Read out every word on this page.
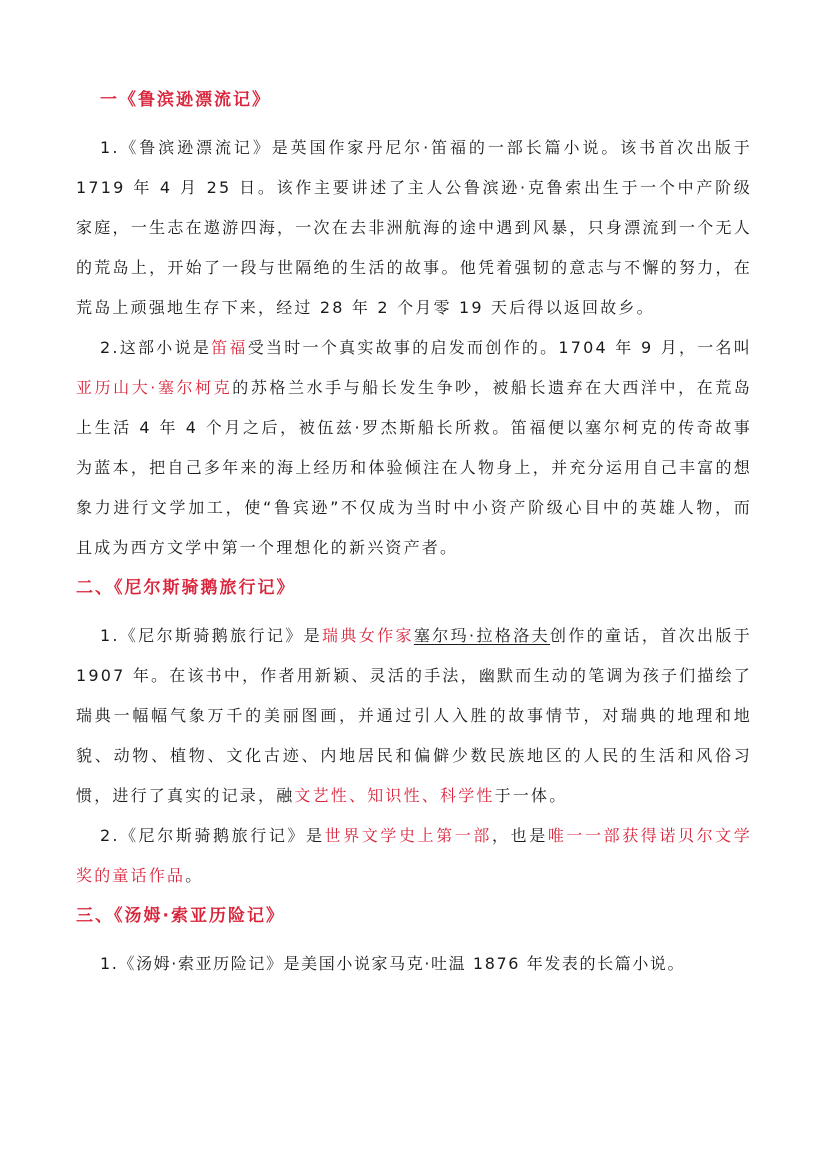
一《鲁滨逊漂流记》

1.《鲁滨逊漂流记》是英国作家丹尼尔·笛福的一部长篇小说。该书首次出版于 1719 年 4 月 25 日。该作主要讲述了主人公鲁滨逊·克鲁索出生于一个中产阶级家庭，一生志在遨游四海，一次在去非洲航海的途中遇到风暴，只身漂流到一个无人的荒岛上，开始了一段与世隔绝的生活的故事。他凭着强韧的意志与不懈的努力，在荒岛上顽强地生存下来，经过 28 年 2 个月零 19 天后得以返回故乡。

2.这部小说是笛福受当时一个真实故事的启发而创作的。1704 年 9 月，一名叫亚历山大·塞尔柯克的苏格兰水手与船长发生争吵，被船长遗弃在大西洋中，在荒岛上生活 4 年 4 个月之后，被伍兹·罗杰斯船长所救。笛福便以塞尔柯克的传奇故事为蓝本，把自己多年来的海上经历和体验倾注在人物身上，并充分运用自己丰富的想象力进行文学加工，使“鲁宾逊”不仅成为当时中小资产阶级心目中的英雄人物，而且成为西方文学中第一个理想化的新兴资产者。

二、《尼尔斯骑鹅旅行记》

1.《尼尔斯骑鹅旅行记》是瑞典女作家塞尔玛·拉格洛夫创作的童话，首次出版于 1907 年。在该书中，作者用新颖、灵活的手法，幽默而生动的笔调为孩子们描绘了瑞典一幅幅气象万千的美丽图画，并通过引人入胜的故事情节，对瑞典的地理和地貌、动物、植物、文化古迹、内地居民和偏僻少数民族地区的人民的生活和风俗习惯，进行了真实的记录，融文艺性、知识性、科学性于一体。

2.《尼尔斯骑鹅旅行记》是世界文学史上第一部，也是唯一一部获得诺贝尔文学奖的童话作品。

三、《汤姆·索亚历险记》

1.《汤姆·索亚历险记》是美国小说家马克·吐温 1876 年发表的长篇小说。
